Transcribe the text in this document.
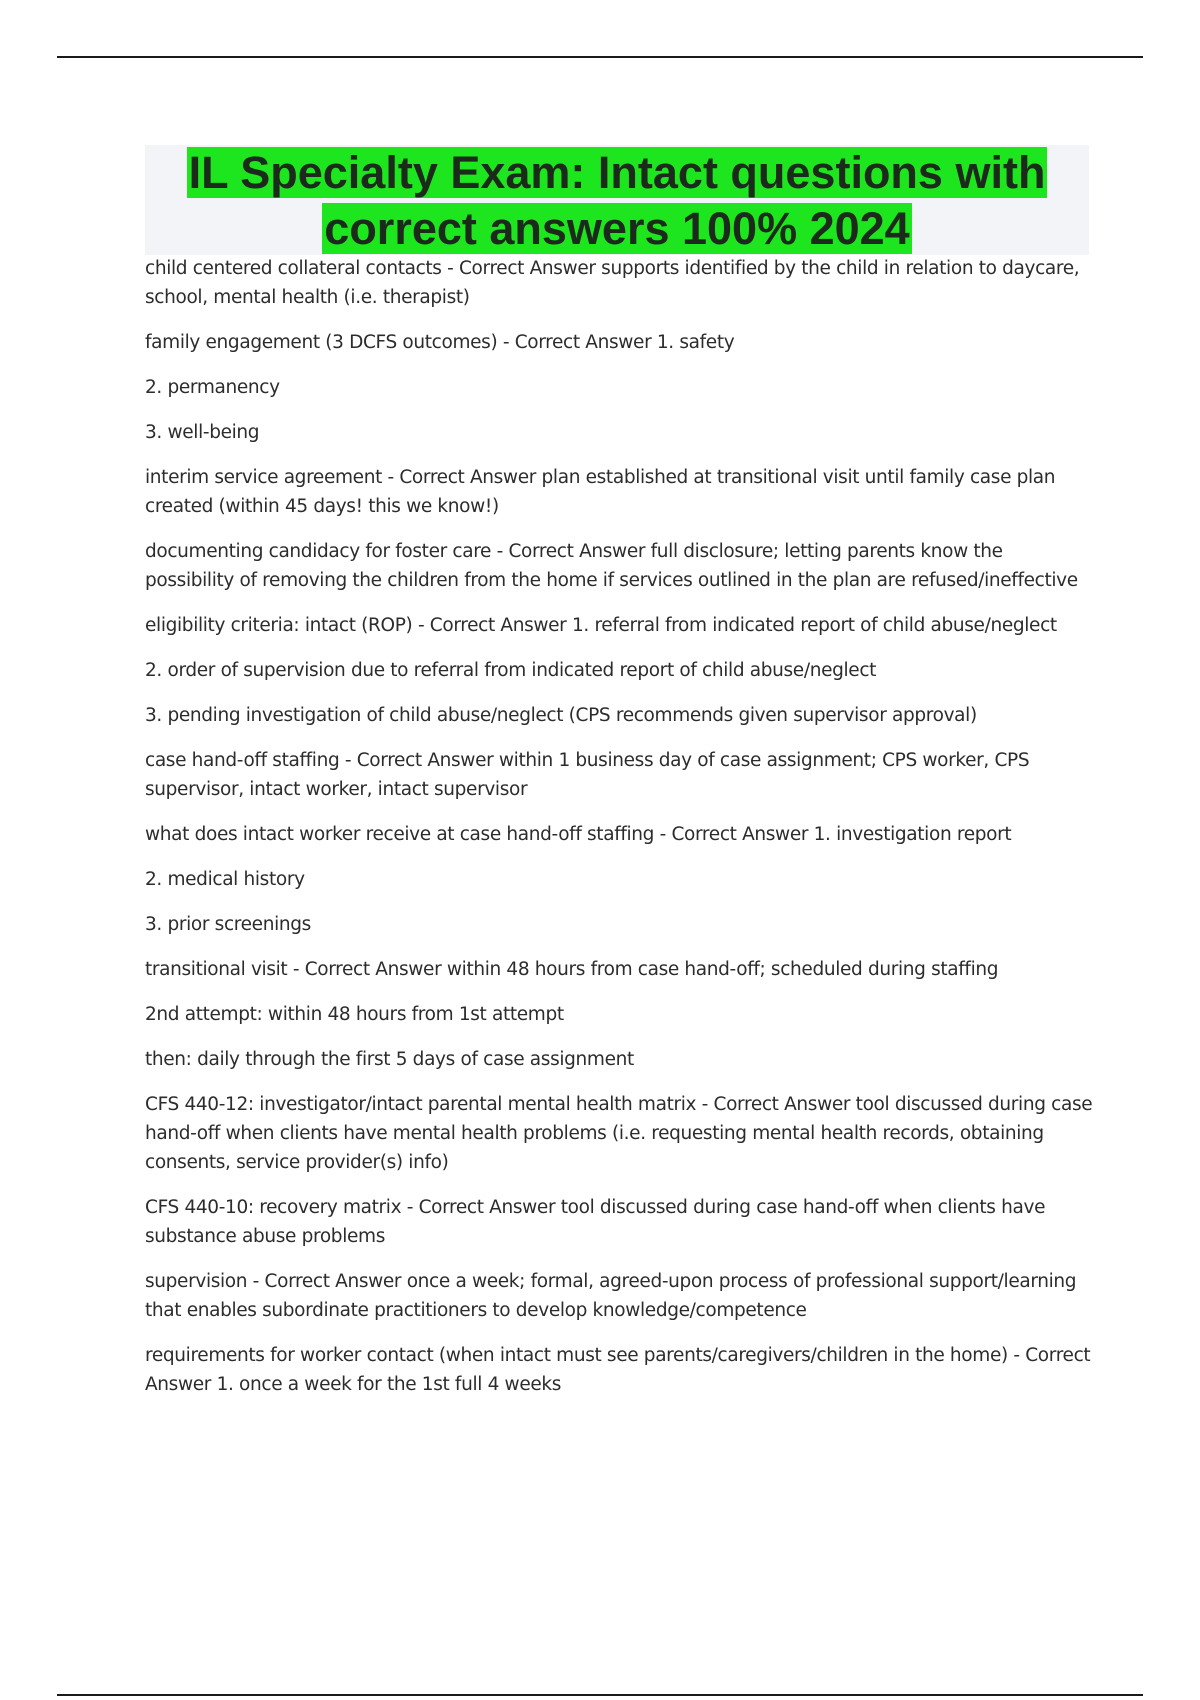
IL Specialty Exam: Intact questions with correct answers 100% 2024

child centered collateral contacts - Correct Answer supports identified by the child in relation to daycare, school, mental health (i.e. therapist)

family engagement (3 DCFS outcomes) - Correct Answer 1. safety

2. permanency

3. well-being

interim service agreement - Correct Answer plan established at transitional visit until family case plan created (within 45 days! this we know!)

documenting candidacy for foster care - Correct Answer full disclosure; letting parents know the possibility of removing the children from the home if services outlined in the plan are refused/ineffective

eligibility criteria: intact (ROP) - Correct Answer 1. referral from indicated report of child abuse/neglect

2. order of supervision due to referral from indicated report of child abuse/neglect

3. pending investigation of child abuse/neglect (CPS recommends given supervisor approval)

case hand-off staffing - Correct Answer within 1 business day of case assignment; CPS worker, CPS supervisor, intact worker, intact supervisor

what does intact worker receive at case hand-off staffing - Correct Answer 1. investigation report

2. medical history

3. prior screenings

transitional visit - Correct Answer within 48 hours from case hand-off; scheduled during staffing

2nd attempt: within 48 hours from 1st attempt

then: daily through the first 5 days of case assignment

CFS 440-12: investigator/intact parental mental health matrix - Correct Answer tool discussed during case hand-off when clients have mental health problems (i.e. requesting mental health records, obtaining consents, service provider(s) info)

CFS 440-10: recovery matrix - Correct Answer tool discussed during case hand-off when clients have substance abuse problems

supervision - Correct Answer once a week; formal, agreed-upon process of professional support/learning that enables subordinate practitioners to develop knowledge/competence

requirements for worker contact (when intact must see parents/caregivers/children in the home) - Correct Answer 1. once a week for the 1st full 4 weeks
